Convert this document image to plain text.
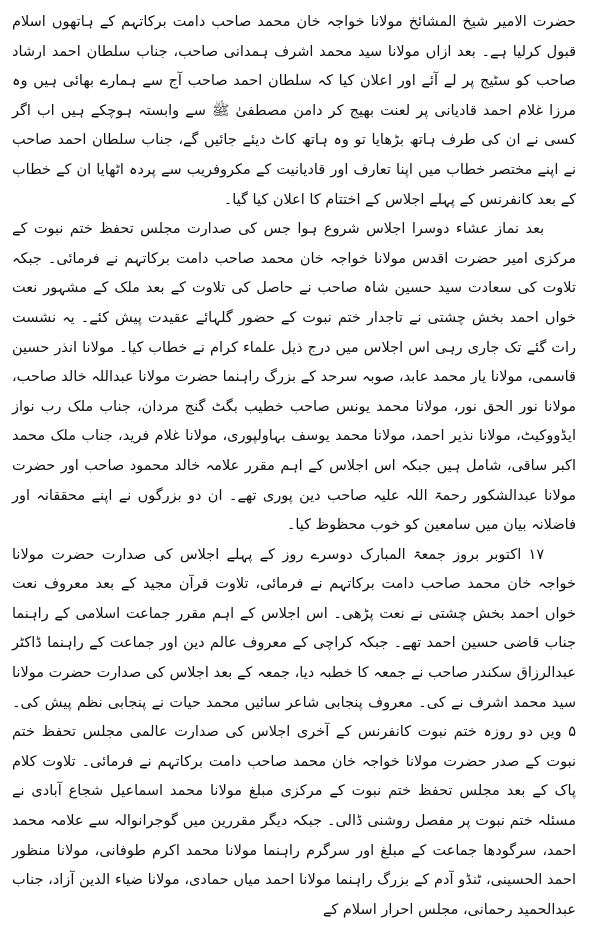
حضرت الامیر شیخ المشائخ مولانا خواجہ خان محمد صاحب دامت برکاتہم کے ہاتھوں اسلام قبول کرلیا ہے۔ بعد ازاں مولانا سید محمد اشرف ہمدانی صاحب، جناب سلطان احمد ارشاد صاحب کو سٹیج پر لے آئے اور اعلان کیا کہ سلطان احمد صاحب آج سے ہمارے بھائی ہیں وہ مرزا غلام احمد قادیانی پر لعنت بھیج کر دامن مصطفیٰ ﷺ سے وابستہ ہوچکے ہیں اب اگر کسی نے ان کی طرف ہاتھ بڑھایا تو وہ ہاتھ کاٹ دیئے جائیں گے، جناب سلطان احمد صاحب نے اپنے مختصر خطاب میں اپنا تعارف اور قادیانیت کے مکروفریب سے پردہ اٹھایا ان کے خطاب کے بعد کانفرنس کے پہلے اجلاس کے اختتام کا اعلان کیا گیا۔

بعد نماز عشاء دوسرا اجلاس شروع ہوا جس کی صدارت مجلس تحفظ ختم نبوت کے مرکزی امیر حضرت اقدس مولانا خواجہ خان محمد صاحب دامت برکاتہم نے فرمائی۔ جبکہ تلاوت کی سعادت سید حسین شاہ صاحب نے حاصل کی تلاوت کے بعد ملک کے مشہور نعت خواں احمد بخش چشتی نے تاجدار ختم نبوت کے حضور گلہائے عقیدت پیش کئے۔ یہ نشست رات گئے تک جاری رہی اس اجلاس میں درج ذیل علماء کرام نے خطاب کیا۔ مولانا انذر حسین قاسمی، مولانا یار محمد عابد، صوبہ سرحد کے بزرگ راہنما حضرت مولانا عبداللہ خالد صاحب، مولانا نور الحق نور، مولانا محمد یونس صاحب خطیب بگٹ گنج مردان، جناب ملک رب نواز ایڈووکیٹ، مولانا نذیر احمد، مولانا محمد یوسف بہاولپوری، مولانا غلام فرید، جناب ملک محمد اکبر ساقی، شامل ہیں جبکہ اس اجلاس کے اہم مقرر علامہ خالد محمود صاحب اور حضرت مولانا عبدالشکور رحمۃ اللہ علیہ صاحب دین پوری تھے۔ ان دو بزرگوں نے اپنے محققانہ اور فاضلانہ بیان میں سامعین کو خوب محظوظ کیا۔

۱۷ اکتوبر بروز جمعۃ المبارک دوسرے روز کے پہلے اجلاس کی صدارت حضرت مولانا خواجہ خان محمد صاحب دامت برکاتہم نے فرمائی، تلاوت قرآن مجید کے بعد معروف نعت خواں احمد بخش چشتی نے نعت پڑھی۔ اس اجلاس کے اہم مقرر جماعت اسلامی کے راہنما جناب قاضی حسین احمد تھے۔ جبکہ کراچی کے معروف عالم دین اور جماعت کے راہنما ڈاکٹر عبدالرزاق سکندر صاحب نے جمعہ کا خطبہ دیا، جمعہ کے بعد اجلاس کی صدارت حضرت مولانا سید محمد اشرف نے کی۔ معروف پنجابی شاعر سائیں محمد حیات نے پنجابی نظم پیش کی۔ ۵ ویں دو روزہ ختم نبوت کانفرنس کے آخری اجلاس کی صدارت عالمی مجلس تحفظ ختم نبوت کے صدر حضرت مولانا خواجہ خان محمد صاحب دامت برکاتہم نے فرمائی۔ تلاوت کلام پاک کے بعد مجلس تحفظ ختم نبوت کے مرکزی مبلغ مولانا محمد اسماعیل شجاع آبادی نے مسئلہ ختم نبوت پر مفصل روشنی ڈالی۔ جبکہ دیگر مقررین میں گوجرانوالہ سے علامہ محمد احمد، سرگودھا جماعت کے مبلغ اور سرگرم راہنما مولانا محمد اکرم طوفانی، مولانا منظور احمد الحسینی، ٹنڈو آدم کے بزرگ راہنما مولانا احمد میاں حمادی، مولانا ضیاء الدین آزاد، جناب عبدالحمید رحمانی، مجلس احرار اسلام کے
